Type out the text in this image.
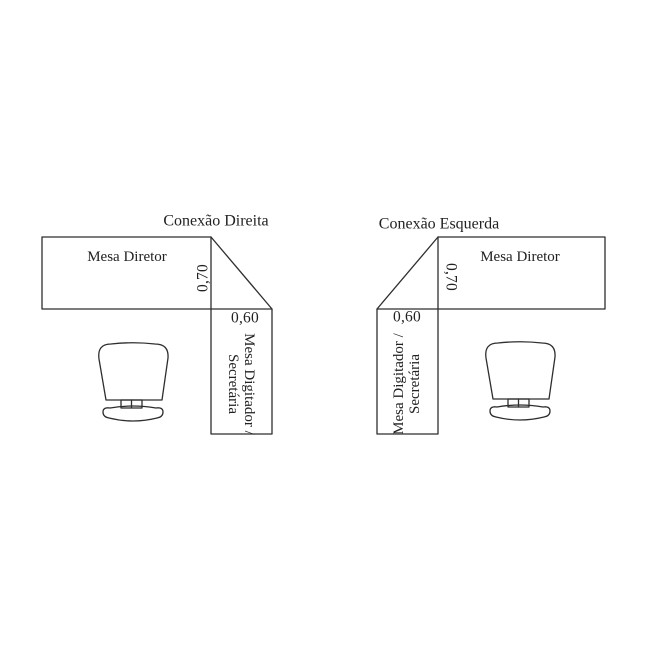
Conexão Direita
Mesa Diretor
0,70
0,60
Mesa Digitador /
Secretária
Conexão Esquerda
Mesa Diretor
0,70
0,60
Mesa Digitador / Secretária
